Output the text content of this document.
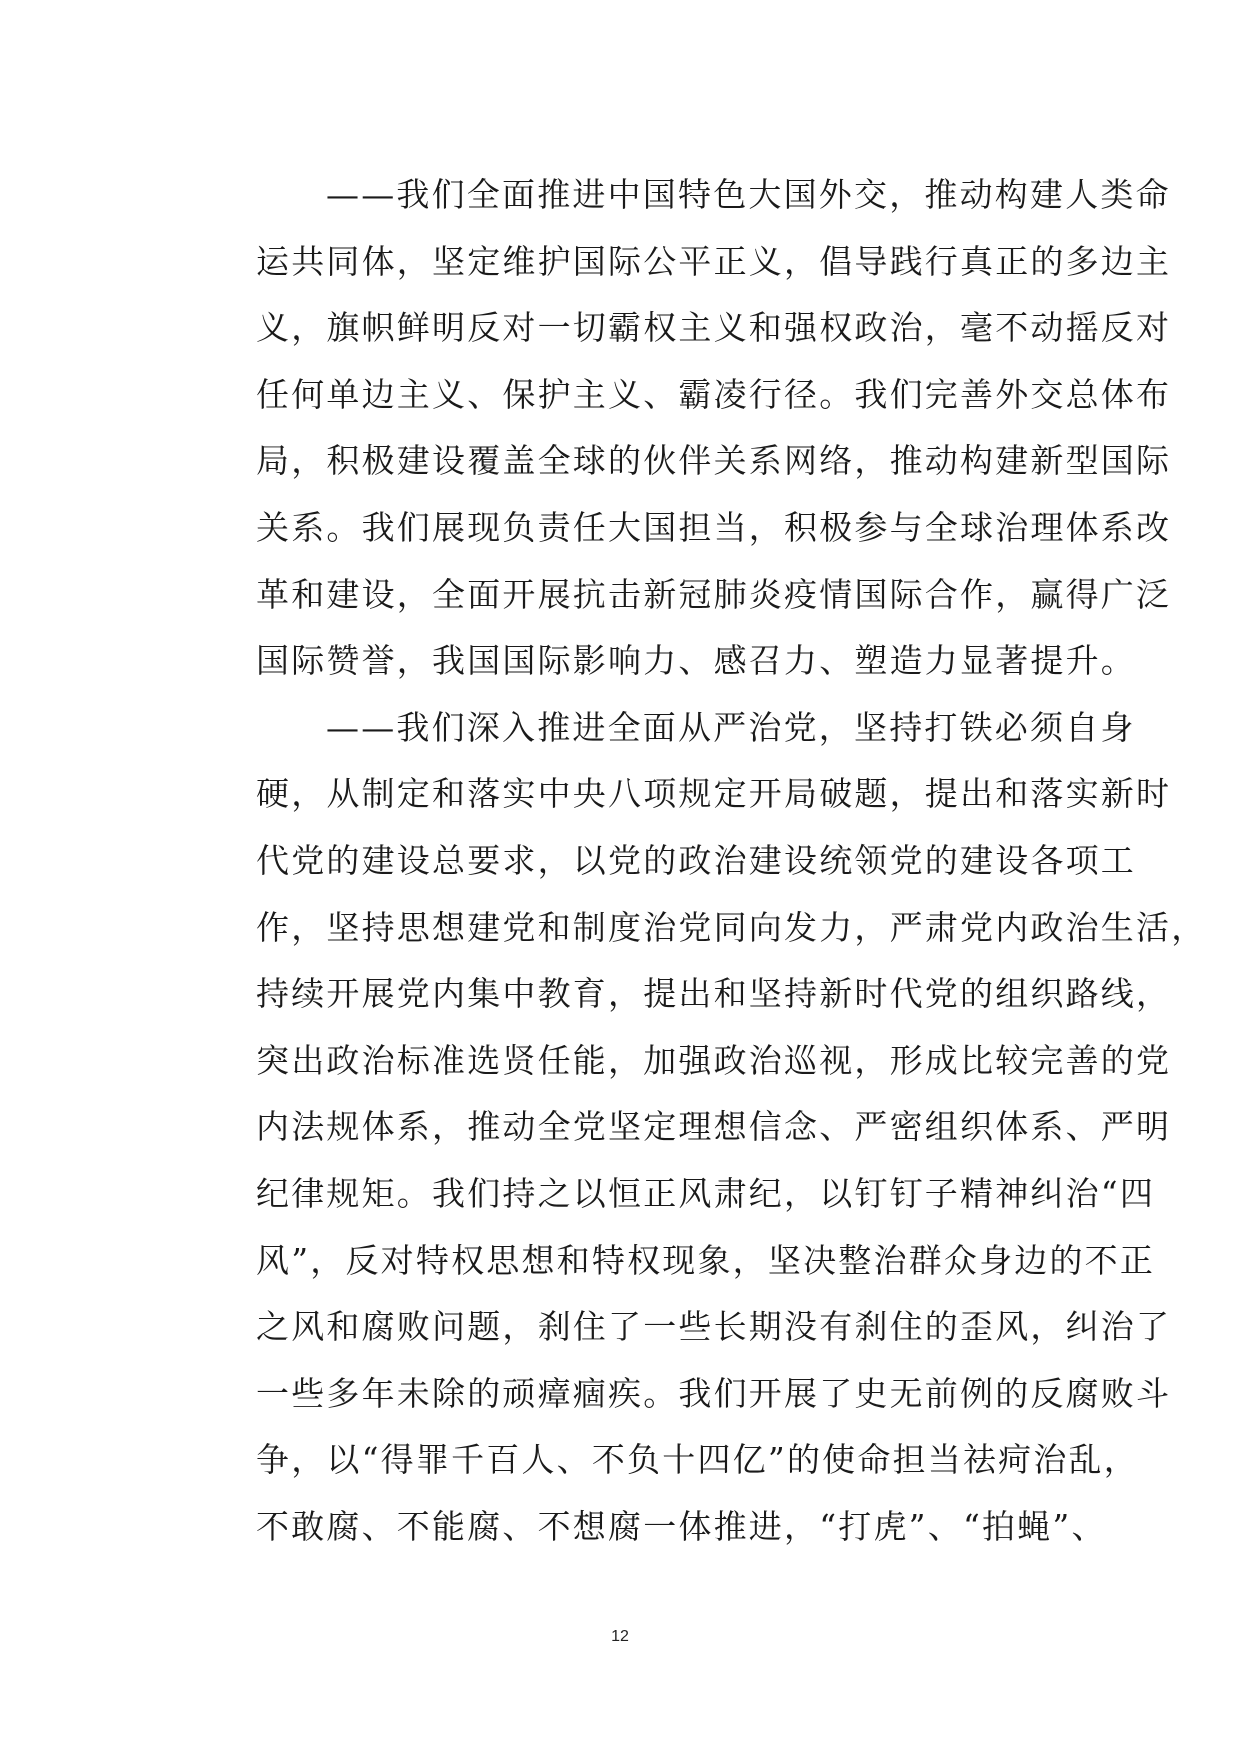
——我们全面推进中国特色大国外交，推动构建人类命
运共同体，坚定维护国际公平正义，倡导践行真正的多边主
义，旗帜鲜明反对一切霸权主义和强权政治，毫不动摇反对
任何单边主义、保护主义、霸凌行径。我们完善外交总体布
局，积极建设覆盖全球的伙伴关系网络，推动构建新型国际
关系。我们展现负责任大国担当，积极参与全球治理体系改
革和建设，全面开展抗击新冠肺炎疫情国际合作，赢得广泛
国际赞誉，我国国际影响力、感召力、塑造力显著提升。
——我们深入推进全面从严治党，坚持打铁必须自身
硬，从制定和落实中央八项规定开局破题，提出和落实新时
代党的建设总要求，以党的政治建设统领党的建设各项工
作，坚持思想建党和制度治党同向发力，严肃党内政治生活，
持续开展党内集中教育，提出和坚持新时代党的组织路线，
突出政治标准选贤任能，加强政治巡视，形成比较完善的党
内法规体系，推动全党坚定理想信念、严密组织体系、严明
纪律规矩。我们持之以恒正风肃纪，以钉钉子精神纠治“四
风”，反对特权思想和特权现象，坚决整治群众身边的不正
之风和腐败问题，刹住了一些长期没有刹住的歪风，纠治了
一些多年未除的顽瘴痼疾。我们开展了史无前例的反腐败斗
争，以“得罪千百人、不负十四亿”的使命担当祛疴治乱，
不敢腐、不能腐、不想腐一体推进，“打虎”、“拍蝇”、
12
